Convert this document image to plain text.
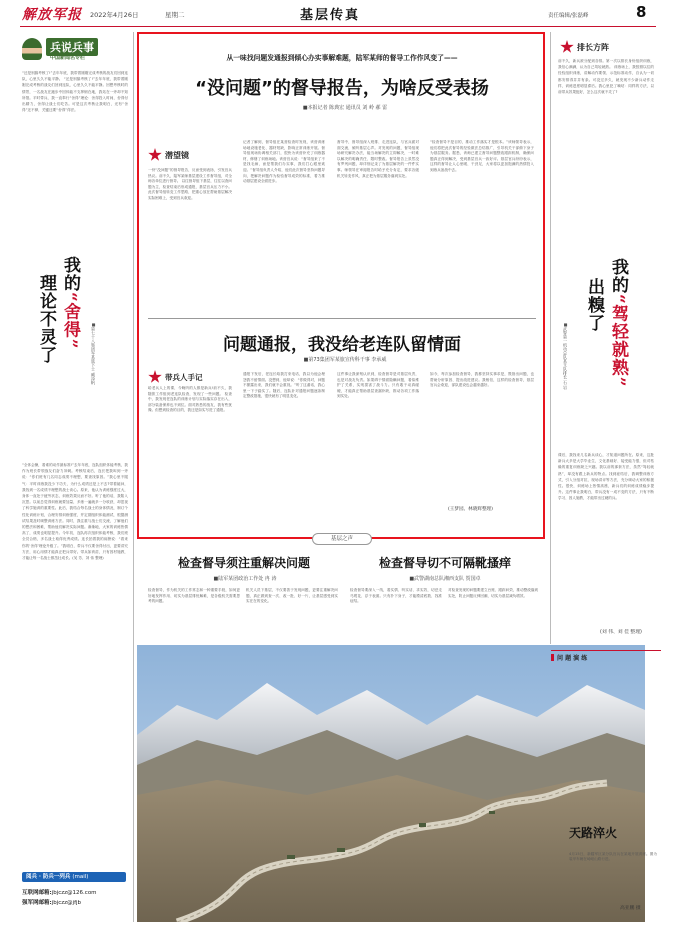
解放军报 2022年4月26日	星期二	基层传真	责任编辑/张磊峰	8
兵说兵事
中国新闻名专栏
“还是别搞考核了!”去年年底，我带着刚刚完成考核的战友们回到连队，心里久久不能平静。 “还是别搞考核了!”去年年底，我带着刚刚完成考核的战友们回到连队，心里久久不能平静。回想考核时的情景，一名战友在跑步中因体能不支摔倒在地，我站在一旁却不知所措。平时带兵，我一直奉行“舍得”理论：舍得投入时间，舍得付出精力，舍得让战士们吃苦。可是这次考核让我明白，光有“舍得”还不够，关键还要“舍得”得法。
我的“舍得”
理论不灵了	■第七十八集团军某旅下士 臧添帆
“全体会操，看谁的动作最标准!”去年年底，连队组织体能考核，我作为班长带领战友们奋力冲刺。考核结束后，连长把我叫到一旁说：“你们班有几名同志成绩不理想，要查找原因。”我心里不服气：平时训练我没少下功夫，为什么成绩还是上不去?带着疑问，我找到一名成绩不理想的战士谈心。原来，他认为训练强度过大，身体一直处于疲劳状态，训练效果反而不好。听了他的话，我陷入沉思。以前总觉得训练就要加量，多练一遍就多一分收获，却忽视了科学施训的重要性。此后，我结合每名战士的身体情况，制订个性化训练计划，合理安排训练强度，并定期组织体能测试，根据测试结果及时调整训练方法。同时，我注重与战士们交流，了解他们的想法和困难，帮助他们解决实际问题。渐渐地，大家的训练热情高了，成绩也明显提升。今年初，连队再次组织体能考核，我们班全员合格，多名战士取得优秀成绩。连长拍着我的肩膀说：“看来你的‘舍得’理论升级了。”我明白，带兵不仅要舍得付出，更要讲究方法，用心用情才能真正把兵带好。带兵如育苗，只有因材施教，才能让每一名战士都茁壮成长。(吴 芳、刘 伟 整理)
阅兵 · 防兵一列兵 (mail)
互联网邮箱:jbjczz@126.com
强军网邮箱:jbjczz@jfjb
从一味找问题发通报到倾心办实事解难题，陆军某师的督导工作作风变了——
“没问题”的督导报告，为啥反受表扬
■本报记者 陈典宏 通讯员 刘 岭 郝 雷
潜望镜
一份“没问题”的督导报告，反而受到表扬，引发官兵热议。前不久，陆军某师基层建设工作督导组，对全师各单位进行督导。 以往督导组下基层，往往以查问题为主，检查结束后形成通报，基层官兵压力不小。此次督导组转变工作思路，把重心放在帮助基层解决实际困难上，受到官兵欢迎。
记者了解到，督导组在某营检查时发现，该营训练场地设施老化、器材短缺，影响正常训练开展。督导组现场协调相关部门，很快为该营补充了训练器材，修缮了训练场地。该营官兵说：“督导组来了不是找毛病，而是帮我们办实事，我们打心眼里欢迎。”督导组负责人介绍，他们此次督导坚持问题导向，把解决问题作为检验督导成效的标准，着力推动基层建设全面进步。
督导中，督导组深入班排、走进连队，与官兵面对面交流，倾听基层心声。对发现的问题，督导组现场研究解决办法，能当场解决的立即解决，一时难以解决的明确责任、限时整改。督导报告上虽然没有罗列问题，却详细记录了为基层解决的一件件实事。师领导在审阅报告时给予充分肯定，要求各级机关转变作风，真正把为基层服务落到实处。
“检查督导不是目的，推动工作落实才是根本。”该师领导表示，他们将把此次督导的经验做法总结推广，引导机关干部俯下身子为基层服务。据悉，该师已建立督导问题整改跟踪机制，确保问题真正得到解决，受到基层官兵一致好评。基层官兵纷纷表示，这样的督导让人心里暖、干劲足，大家将以更加饱满的热情投入到练兵备战中去。
问题通报，我没给老连队留情面
■第73集团军某旅宣传科干事 李承威
带兵人手记
给老兵人上的课，今晚听的人都是新兵!前不久，我随旅工作组到老连队检查，发现了一些问题。 检查中，我发现老连队的训练计划与实际落实存在出入，部分装备保养也不到位。面对熟悉的战友，我有些犹豫。但想到检查的目的，我还是如实写进了通报。
通报下发后，老连长给我打来电话，我以为他会埋怨我不留情面。没想到，他却说：“你做得对，问题不暴露出来，我们就不会重视。”听了这番话，我心里一下子踏实了。随后，连队针对通报问题逐条制定整改措施，很快就有了明显变化。
这件事让我深刻认识到，检查督导是对基层负责，也是对战友负责。如果碍于情面隐瞒问题，看似维护了关系，实则损害了战斗力。只有敢于动真碰硬，才能真正帮助基层查漏补缺，推动各项工作落到实处。
如今，每次参加检查督导，我都坚持实事求是，既指出问题，也帮助分析原因、提出改进建议。我相信，这样的检查督导，基层官兵会欢迎，部队建设也会越来越好。
(王梦园、林晓辉整理)
基层之声
检查督导须注重解决问题
■陆军某团政治工作处 冉 涛
检查督导切不可隔靴搔痒
■武警湖南总队湘西支队 贺国卓
检查督导，作为机关的工作常态和一种重要手段，如何更好地发挥作用、切实为基层排忧解难，是各级机关需要思考的问题。
机关人员下基层，不仅要善于发现问题，更要注重解决问题，真正做到查一次、改一批、好一片，让基层感受到实实在在的变化。
检查督导要深入一线，看实情、听实话、求实效，切忌走马观花、浮于表面。只有扑下身子，才能摸清底数、找准症结。
对检查发现的问题要建立台账、跟踪问效，推动整改落到实处，防止问题反弹回潮，切实为基层减负增效。
排长方阵
前不久，新兵被分配到各排。第一次以排长身份组织训练，我信心满满，认为自己驾轻就熟。 训练场上，我按照以往的经验组织训练，讲解动作要领、示范标准动作，自认为一切都安排得井井有条。可没过多久，就发现不少新兵动作走样，训练进度明显滞后。我心里犯了嘀咕：同样的方法，以前带兵效果挺好，怎么这次就不灵了?
我的“驾轻就熟”
出糗了
■武警第一机动总队某支队排长 石 岩
课后，我找来几名新兵谈心，才知道问题所在。原来，这批新兵大多是大学毕业生，文化基础好、接受能力强，但对枯燥的重复训练缺乏兴趣。我以前的那套方法，虽然“驾轻就熟”，却没有跟上新兵的特点。找到症结后，我调整训练方式，引入分组对抗、现场讲评等方法，充分调动大家的积极性。很快，训练场上热情高涨，新兵们的训练成绩稳步提升。这件事让我明白，带兵没有一成不变的方法，只有不断学习、因人施教，才能带出过硬的兵。
(刘 伟、刘 佳 整理)
问 题 演 练
天路淬火
4月15日，新疆军区某分队官兵在某地开展训练。图为装甲车辆在崎岖山路行进。
高亚鹏 摄
